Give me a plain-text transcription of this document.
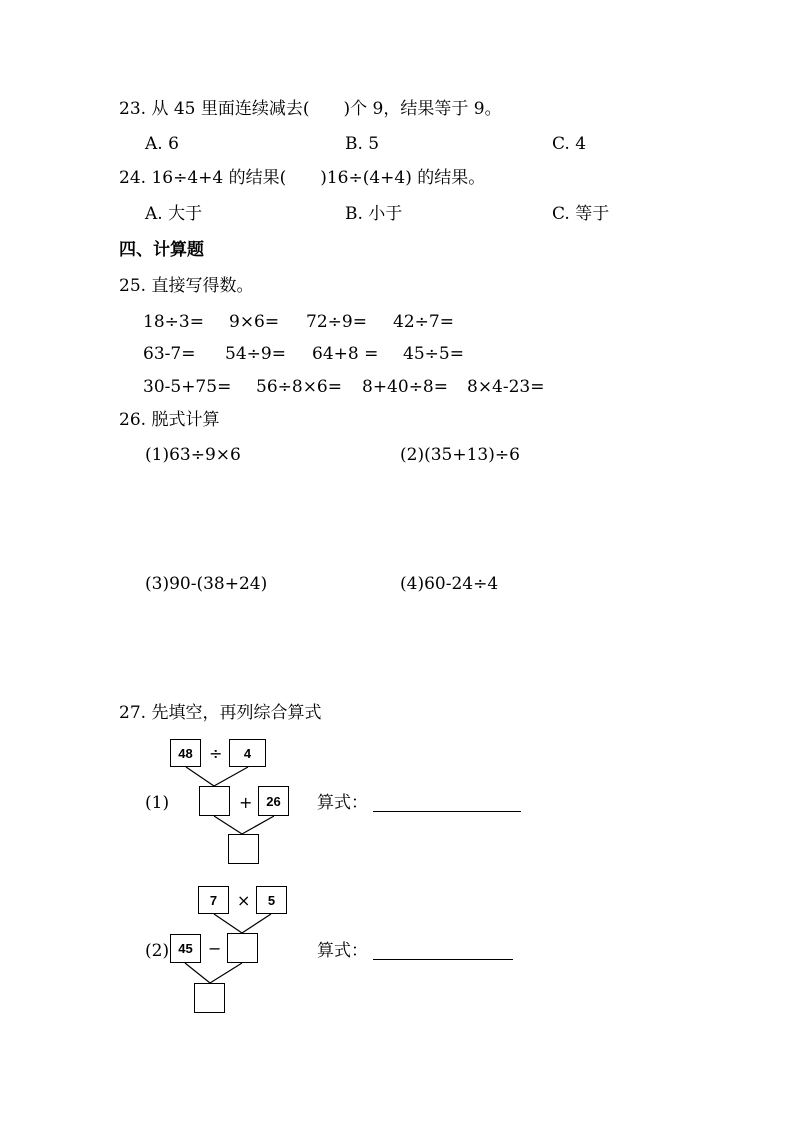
23. 从 45 里面连续减去(　　)个 9，结果等于 9。
A. 6	B. 5	C. 4
24. 16÷4+4 的结果(　　)16÷(4+4) 的结果。
A. 大于	B. 小于	C. 等于
四、计算题
25. 直接写得数。
18÷3= 9×6= 72÷9= 42÷7=
63-7= 54÷9= 64+8 = 45÷5=
30-5+75= 56÷8×6= 8+40÷8= 8×4-23=
26. 脱式计算
(1)63÷9×6	(2)(35+13)÷6
(3)90-(38+24)	(4)60-24÷4
27. 先填空，再列综合算式
(1)
48	÷	4
+	26	算式：
7	×	5
(2) 45 −	算式：
